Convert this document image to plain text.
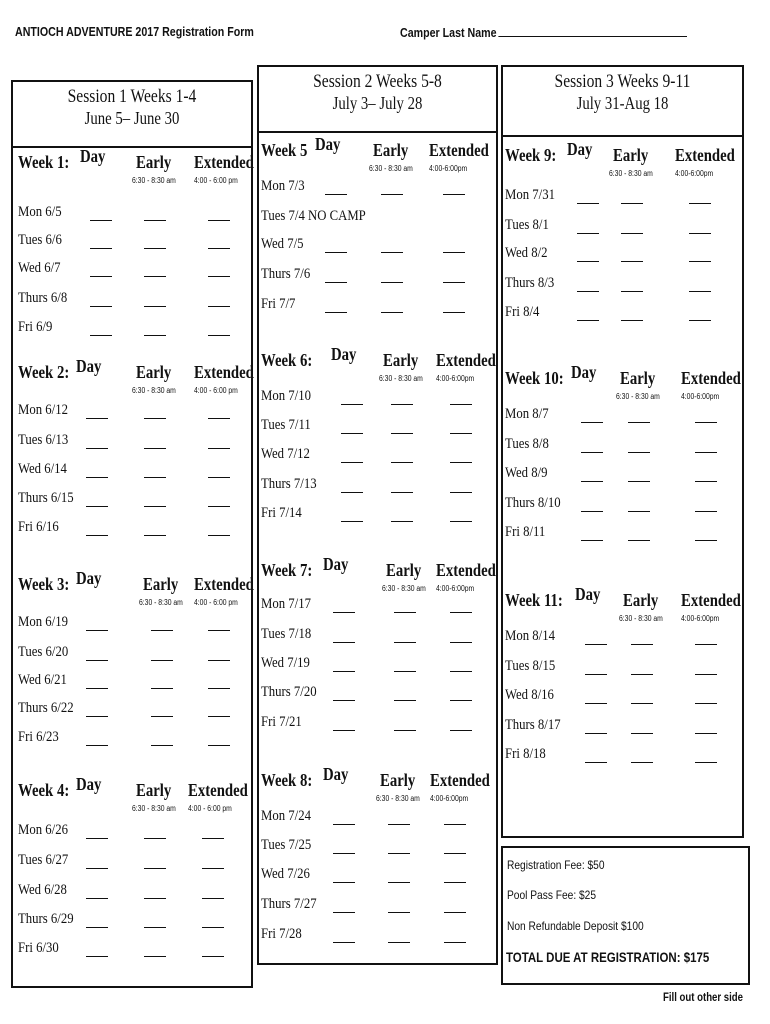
ANTIOCH ADVENTURE 2017 Registration Form	Camper Last Name
Session 1 Weeks 1-4
June 5– June 30
Session 2 Weeks 5-8
July 3– July 28
Session 3 Weeks 9-11
July 31-Aug 18
Week 1: Day Early Extended
6:30 - 8:30 am 4:00 - 6:00 pm
Mon 6/5
Tues 6/6
Wed 6/7
Thurs 6/8
Fri 6/9
Week 2: Day Early Extended
6:30 - 8:30 am 4:00 - 6:00 pm
Mon 6/12
Tues 6/13
Wed 6/14
Thurs 6/15
Fri 6/16
Week 3: Day Early Extended
6:30 - 8:30 am 4:00 - 6:00 pm
Mon 6/19
Tues 6/20
Wed 6/21
Thurs 6/22
Fri 6/23
Week 4: Day Early Extended
6:30 - 8:30 am 4:00 - 6:00 pm
Mon 6/26
Tues 6/27
Wed 6/28
Thurs 6/29
Fri 6/30
Week 5 Day Early Extended
6:30 - 8:30 am 4:00-6:00pm
Mon 7/3
Tues 7/4 NO CAMP
Wed 7/5
Thurs 7/6
Fri 7/7
Week 6: Day Early Extended
6:30 - 8:30 am 4:00-6:00pm
Mon 7/10
Tues 7/11
Wed 7/12
Thurs 7/13
Fri 7/14
Week 7: Day Early Extended
6:30 - 8:30 am 4:00-6:00pm
Mon 7/17
Tues 7/18
Wed 7/19
Thurs 7/20
Fri 7/21
Week 8: Day Early Extended
6:30 - 8:30 am 4:00-6:00pm
Mon 7/24
Tues 7/25
Wed 7/26
Thurs 7/27
Fri 7/28
Week 9: Day Early Extended
6:30 - 8:30 am	4:00-6:00pm
Mon 7/31
Tues 8/1
Wed 8/2
Thurs 8/3
Fri 8/4
Week 10: Day Early Extended
6:30 - 8:30 am	4:00-6:00pm
Mon 8/7
Tues 8/8
Wed 8/9
Thurs 8/10
Fri 8/11
Week 11: Day Early Extended
6:30 - 8:30 am 4:00-6:00pm
Mon 8/14
Tues 8/15
Wed 8/16
Thurs 8/17
Fri 8/18
Registration Fee: $50
Pool Pass Fee: $25
Non Refundable Deposit $100
TOTAL DUE AT REGISTRATION: $175
Fill out other side
